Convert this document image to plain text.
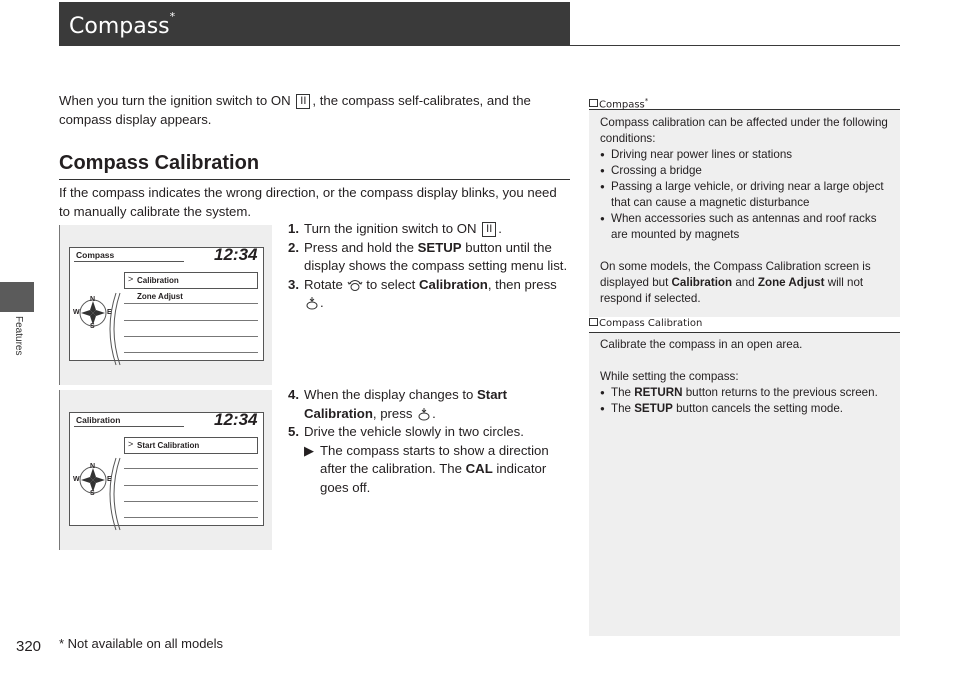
Compass*
Features
When you turn the ignition switch to ON II , the compass self-calibrates, and the compass display appears.
Compass Calibration
If the compass indicates the wrong direction, or the compass display blinks, you need to manually calibrate the system.
Compass	12:34
> Calibration
Zone Adjust
N
W	E
S
Calibration	12:34
> Start Calibration
N
W	E
S
1. Turn the ignition switch to ON II .
2. Press and hold the SETUP button until the display shows the compass setting menu list.
3. Rotate  to select Calibration, then press .
4. When the display changes to Start Calibration, press .
5. Drive the vehicle slowly in two circles.
▶ The compass starts to show a direction after the calibration. The CAL indicator goes off.
Compass*
Compass calibration can be affected under the following conditions:
● Driving near power lines or stations
● Crossing a bridge
● Passing a large vehicle, or driving near a large object that can cause a magnetic disturbance
● When accessories such as antennas and roof racks are mounted by magnets
On some models, the Compass Calibration screen is displayed but Calibration and Zone Adjust will not respond if selected.
Compass Calibration
Calibrate the compass in an open area.
While setting the compass:
● The RETURN button returns to the previous screen.
● The SETUP button cancels the setting mode.
320 * Not available on all models
